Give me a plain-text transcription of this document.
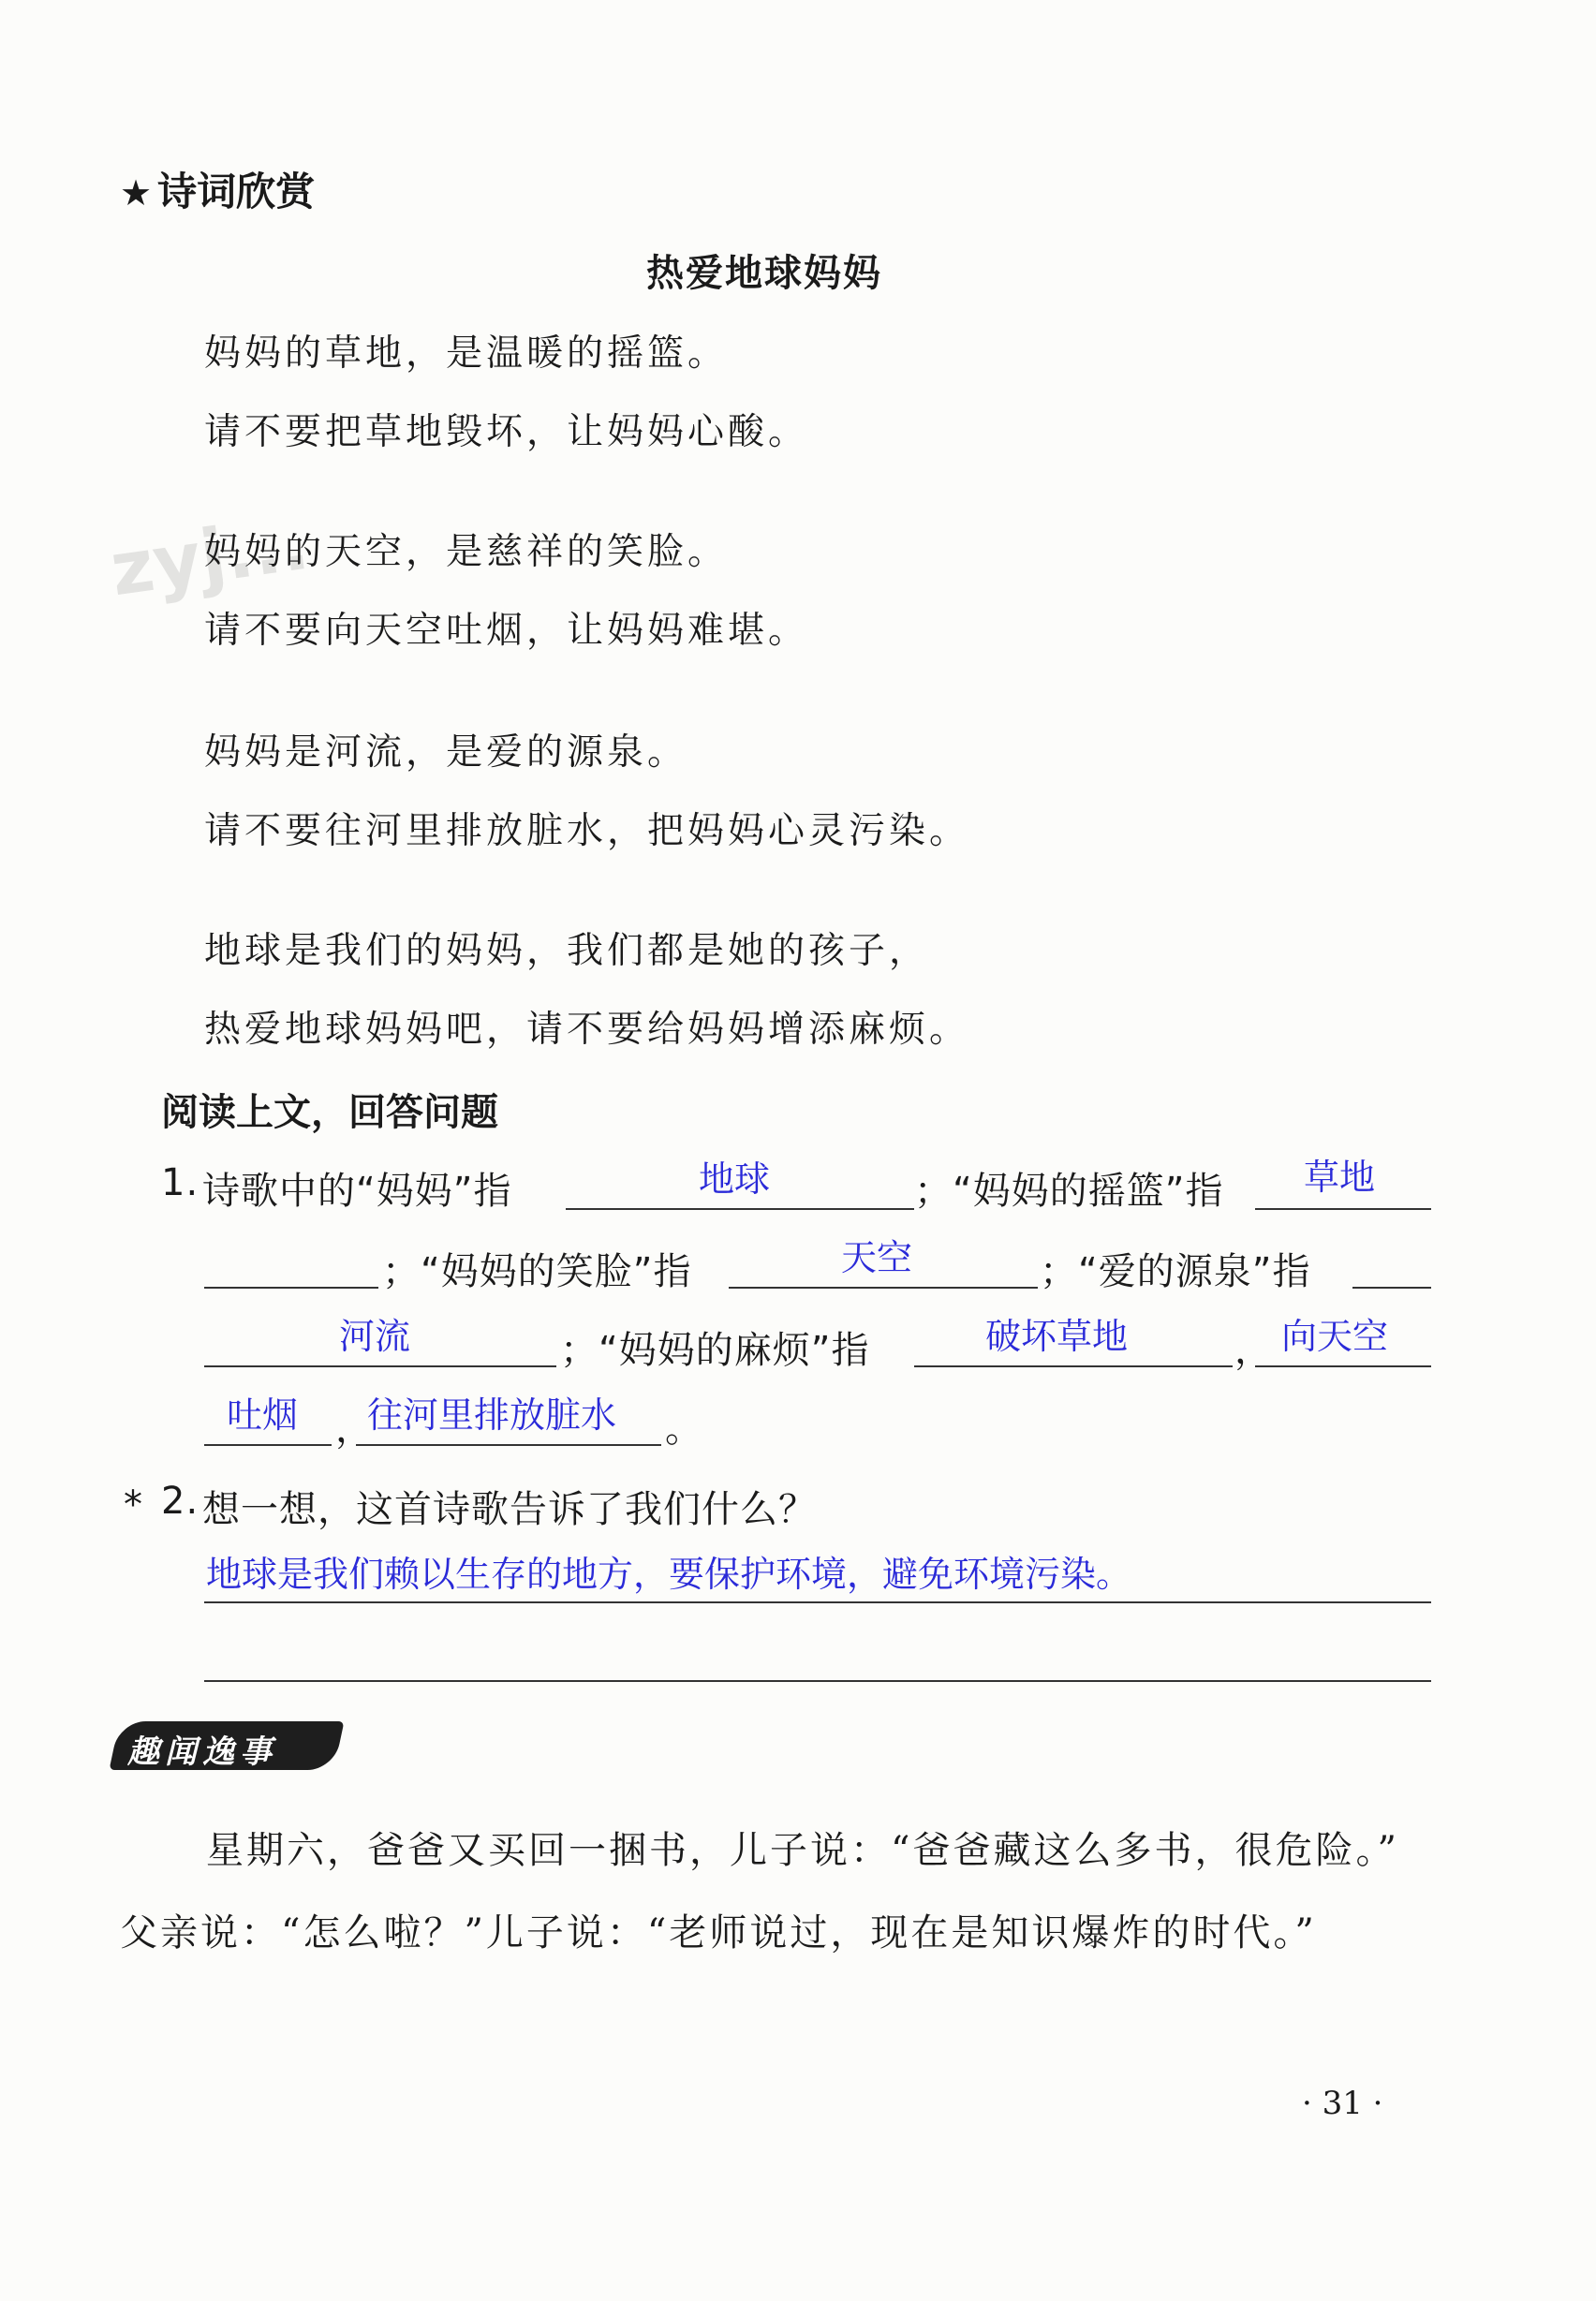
zyj...
★ 诗词欣赏
热爱地球妈妈
妈妈的草地，是温暖的摇篮。
请不要把草地毁坏，让妈妈心酸。
妈妈的天空，是慈祥的笑脸。
请不要向天空吐烟，让妈妈难堪。
妈妈是河流，是爱的源泉。
请不要往河里排放脏水，把妈妈心灵污染。
地球是我们的妈妈，我们都是她的孩子，
热爱地球妈妈吧，请不要给妈妈增添麻烦。
阅读上文，回答问题
1. 诗歌中的“妈妈”指	地球	；“妈妈的摇篮”指 草地
；“妈妈的笑脸”指	天空	；“爱的源泉”指
河流	；“妈妈的麻烦”指	破坏草地	， 向天空
吐烟 ，
往河里排放脏水 。
* 2. 想一想，这首诗歌告诉了我们什么？
地球是我们赖以生存的地方，要保护环境，避免环境污染。
趣闻逸事
星期六，爸爸又买回一捆书，儿子说：“爸爸藏这么多书，很危险。”
父亲说：“怎么啦？”儿子说：“老师说过，现在是知识爆炸的时代。”
· 31 ·
